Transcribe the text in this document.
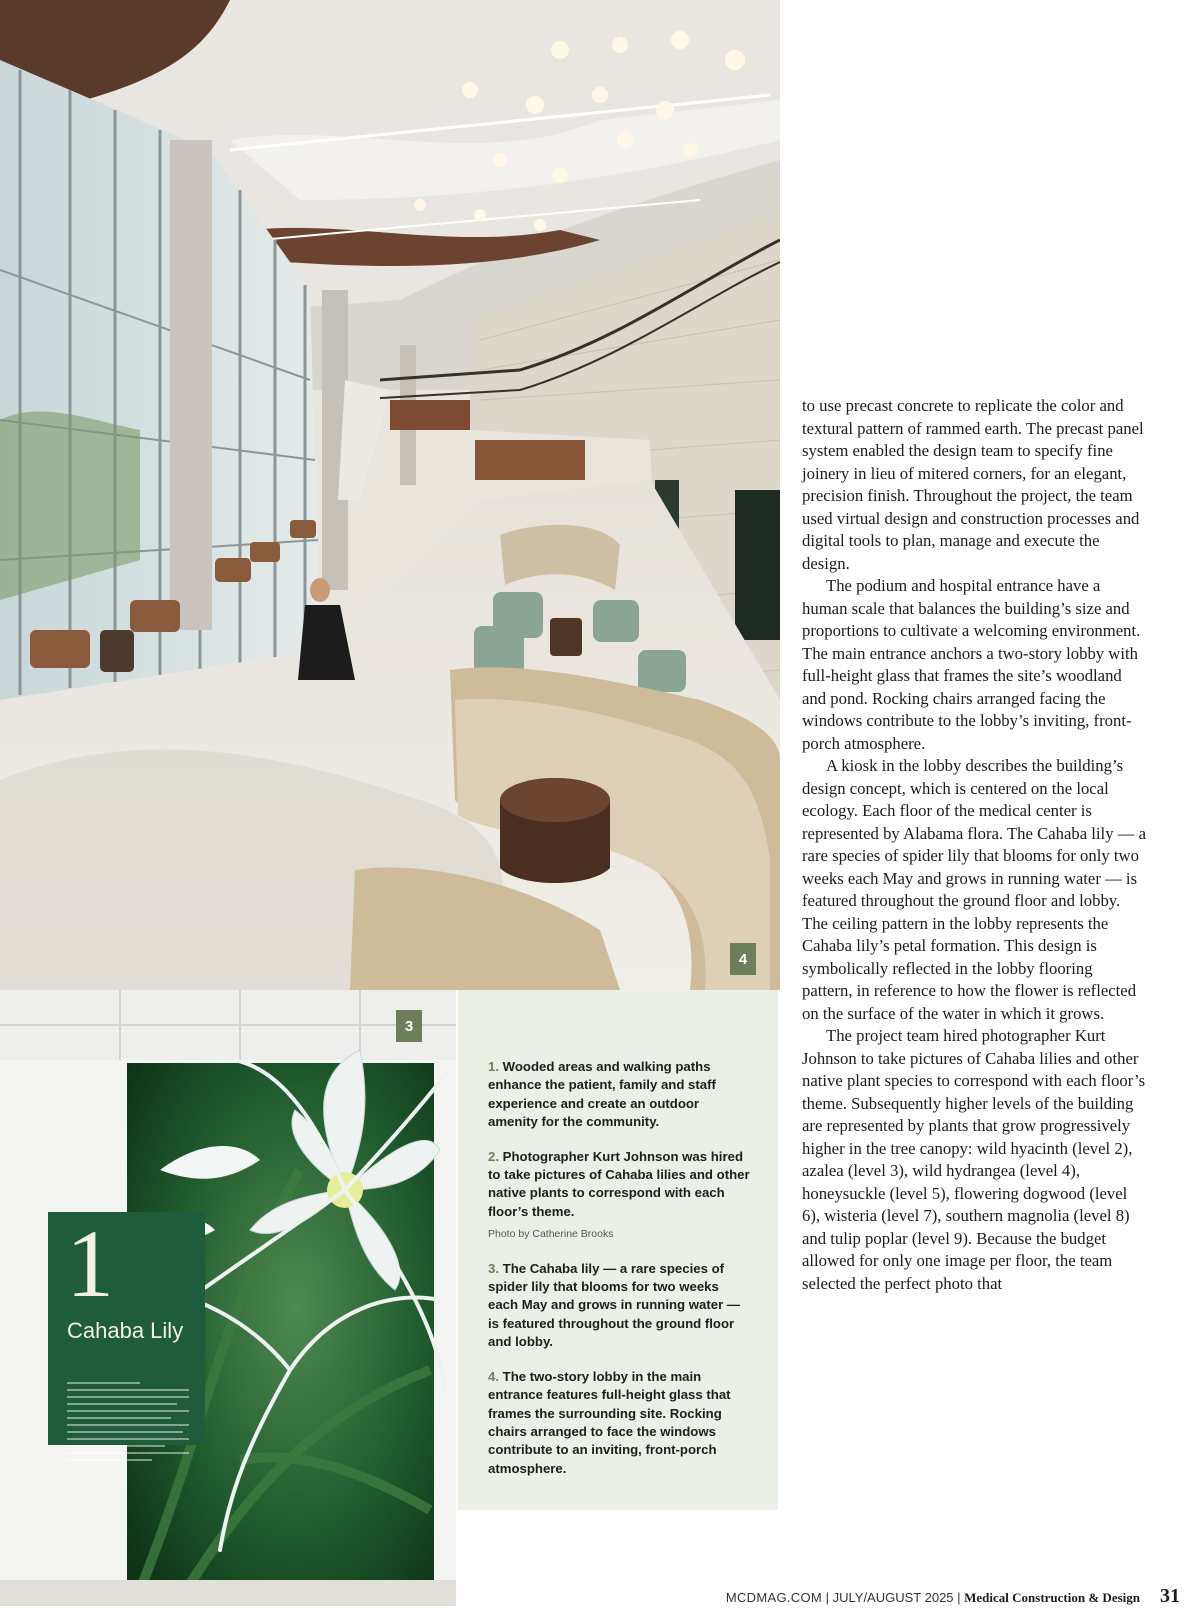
4
3
1
Cahaba Lily
1. Wooded areas and walking paths enhance the patient, family and staff experience and create an outdoor amenity for the community.
2. Photographer Kurt Johnson was hired to take pictures of Cahaba lilies and other native plants to correspond with each floor’s theme.
Photo by Catherine Brooks
3. The Cahaba lily — a rare species of spider lily that blooms for two weeks each May and grows in running water — is featured throughout the ground floor and lobby.
4. The two-story lobby in the main entrance features full-height glass that frames the surrounding site. Rocking chairs arranged to face the windows contribute to an inviting, front-porch atmosphere.

to use precast concrete to replicate the color and textural pattern of rammed earth. The precast panel system enabled the design team to specify fine joinery in lieu of mitered corners, for an elegant, precision finish. Throughout the project, the team used virtual design and construction processes and digital tools to plan, manage and execute the design.

The podium and hospital entrance have a human scale that balances the building’s size and proportions to cultivate a welcoming environment. The main entrance anchors a two-story lobby with full-height glass that frames the site’s woodland and pond. Rocking chairs arranged facing the windows contribute to the lobby’s inviting, front-porch atmosphere.

A kiosk in the lobby describes the building’s design concept, which is centered on the local ecology. Each floor of the medical center is represented by Alabama flora. The Cahaba lily — a rare species of spider lily that blooms for only two weeks each May and grows in running water — is featured throughout the ground floor and lobby. The ceiling pattern in the lobby represents the Cahaba lily’s petal formation. This design is symbolically reflected in the lobby flooring pattern, in reference to how the flower is reflected on the surface of the water in which it grows.

The project team hired photographer Kurt Johnson to take pictures of Cahaba lilies and other native plant species to correspond with each floor’s theme. Subsequently higher levels of the building are represented by plants that grow progressively higher in the tree canopy: wild hyacinth (level 2), azalea (level 3), wild hydrangea (level 4), honeysuckle (level 5), flowering dogwood (level 6), wisteria (level 7), southern magnolia (level 8) and tulip poplar (level 9). Because the budget allowed for only one image per floor, the team selected the perfect photo that

MCDMAG.COM | JULY/AUGUST 2025 | Medical Construction & Design 31
